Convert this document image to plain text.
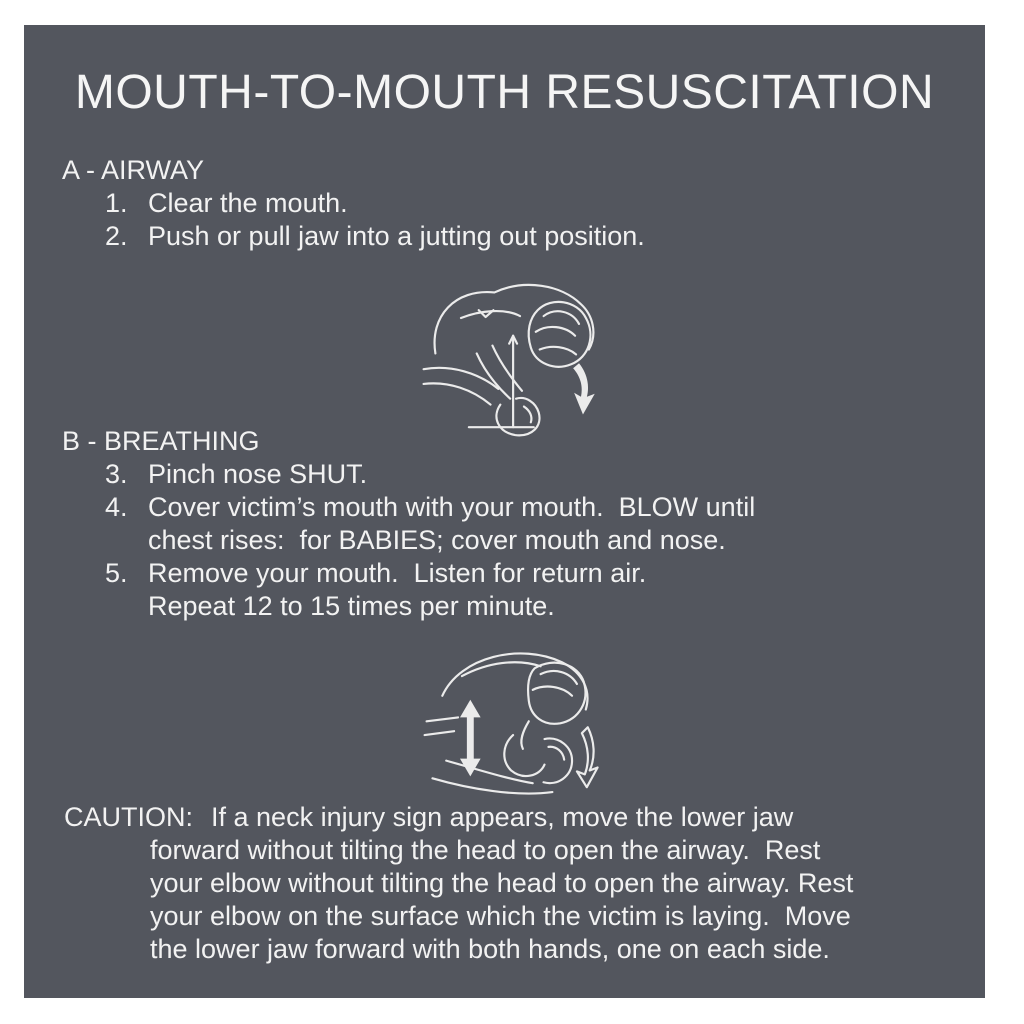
MOUTH-TO-MOUTH RESUSCITATION
A - AIRWAY
1. Clear the mouth.
2. Push or pull jaw into a jutting out position.
B - BREATHING
3. Pinch nose SHUT.
4. Cover victim’s mouth with your mouth.  BLOW until
chest rises:  for BABIES; cover mouth and nose.
5. Remove your mouth.  Listen for return air.
Repeat 12 to 15 times per minute.
CAUTION: If a neck injury sign appears, move the lower jaw
forward without tilting the head to open the airway.  Rest
your elbow without tilting the head to open the airway. Rest
your elbow on the surface which the victim is laying.  Move
the lower jaw forward with both hands, one on each side.
